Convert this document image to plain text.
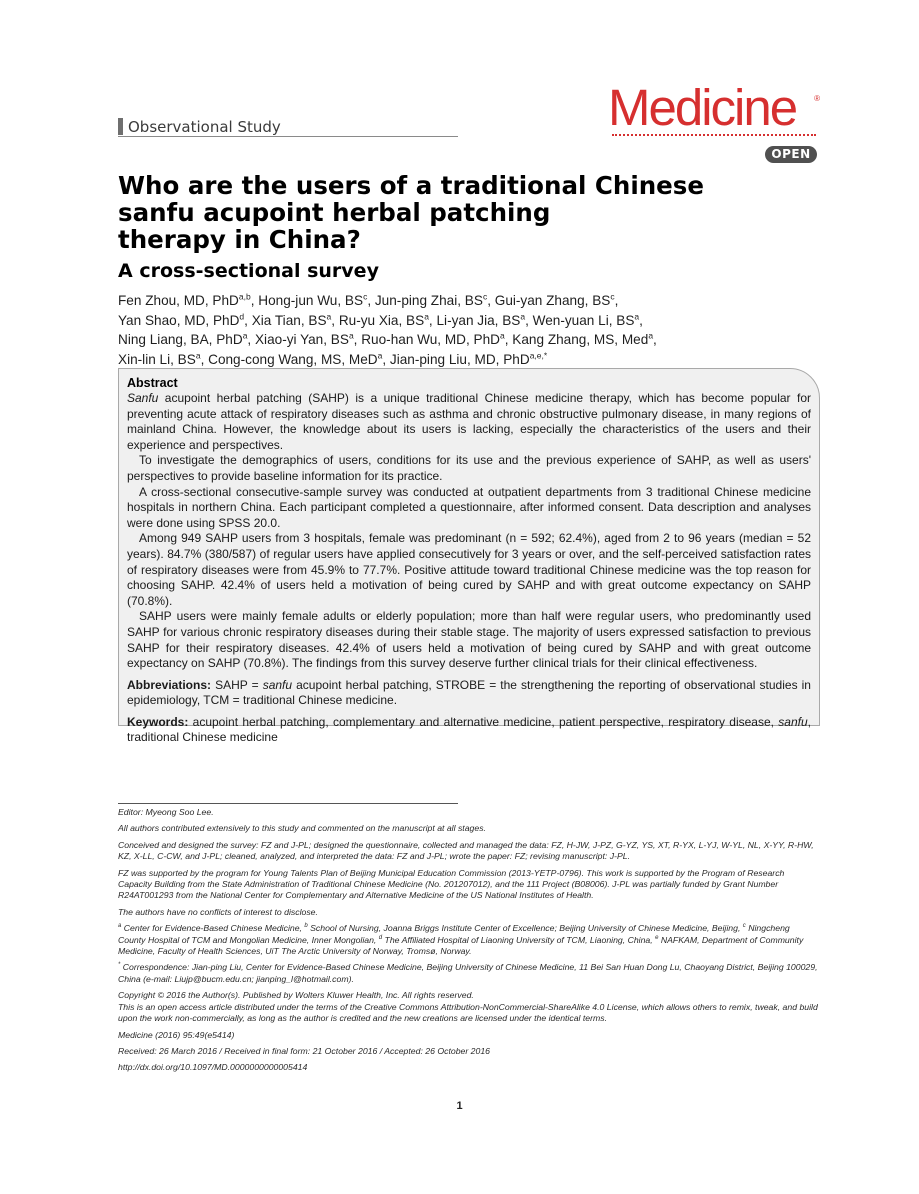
Observational Study	Medicine	®
OPEN
Who are the users of a traditional Chinese
sanfu acupoint herbal patching
therapy in China?
A cross-sectional survey
Fen Zhou, MD, PhD$^{a,b}$, Hong-jun Wu, $BS^c$, Jun-ping Zhai, $BS^c$, Gui-yan Zhang, $BS^c$,
Yan Shao, MD, PhD$^d$, Xia Tian, $BS^a$, Ru-yu Xia, $BS^a$, Li-yan Jia, $BS^a$, Wen-yuan Li, $BS^a$,
Ning Liang, BA, PhD$^a$, Xiao-yi Yan, $BS^a$, Ruo-han Wu, MD, PhD$^a$, Kang Zhang, MS, Med$^a$,
Xin-lin Li, $BS^a$, Cong-cong Wang, MS, MeD$^a$, Jian-ping Liu, MD, PhD$^{a,e,*}$
Abstract

Sanfu acupoint herbal patching (SAHP) is a unique traditional Chinese medicine therapy, which has become popular for preventing acute attack of respiratory diseases such as asthma and chronic obstructive pulmonary disease, in many regions of mainland China. However, the knowledge about its users is lacking, especially the characteristics of the users and their experience and perspectives.

To investigate the demographics of users, conditions for its use and the previous experience of SAHP, as well as users' perspectives to provide baseline information for its practice.

A cross-sectional consecutive-sample survey was conducted at outpatient departments from 3 traditional Chinese medicine hospitals in northern China. Each participant completed a questionnaire, after informed consent. Data description and analyses were done using SPSS 20.0.

Among 949 SAHP users from 3 hospitals, female was predominant (n = 592; 62.4%), aged from 2 to 96 years (median = 52 years). 84.7% (380/587) of regular users have applied consecutively for 3 years or over, and the self-perceived satisfaction rates of respiratory diseases were from 45.9% to 77.7%. Positive attitude toward traditional Chinese medicine was the top reason for choosing SAHP. 42.4% of users held a motivation of being cured by SAHP and with great outcome expectancy on SAHP (70.8%).

SAHP users were mainly female adults or elderly population; more than half were regular users, who predominantly used SAHP for various chronic respiratory diseases during their stable stage. The majority of users expressed satisfaction to previous SAHP for their respiratory diseases. 42.4% of users held a motivation of being cured by SAHP and with great outcome expectancy on SAHP (70.8%). The findings from this survey deserve further clinical trials for their clinical effectiveness.

Abbreviations: SAHP = sanfu acupoint herbal patching, STROBE = the strengthening the reporting of observational studies in epidemiology, TCM = traditional Chinese medicine.

Keywords: acupoint herbal patching, complementary and alternative medicine, patient perspective, respiratory disease, sanfu, traditional Chinese medicine

Editor: Myeong Soo Lee.

All authors contributed extensively to this study and commented on the manuscript at all stages.

Conceived and designed the survey: FZ and J-PL; designed the questionnaire, collected and managed the data: FZ, H-JW, J-PZ, G-YZ, YS, XT, R-YX, L-YJ, W-YL, NL, X-YY, R-HW, KZ, X-LL, C-CW, and J-PL; cleaned, analyzed, and interpreted the data: FZ and J-PL; wrote the paper: FZ; revising manuscript: J-PL.

FZ was supported by the program for Young Talents Plan of Beijing Municipal Education Commission (2013-YETP-0796). This work is supported by the Program of Research Capacity Building from the State Administration of Traditional Chinese Medicine (No. 201207012), and the 111 Project (B08006). J-PL was partially funded by Grant Number R24AT001293 from the National Center for Complementary and Alternative Medicine of the US National Institutes of Health.

The authors have no conflicts of interest to disclose.

$^a$ Center for Evidence-Based Chinese Medicine, $^b$ School of Nursing, Joanna Briggs Institute Center of Excellence; Beijing University of Chinese Medicine, Beijing, $^c$ Ningcheng County Hospital of TCM and Mongolian Medicine, Inner Mongolian, $^d$ The Affiliated Hospital of Liaoning University of TCM, Liaoning, China, $^e$ NAFKAM, Department of Community Medicine, Faculty of Health Sciences, UiT The Arctic University of Norway, Tromsø, Norway.

* Correspondence: Jian-ping Liu, Center for Evidence-Based Chinese Medicine, Beijing University of Chinese Medicine, 11 Bei San Huan Dong Lu, Chaoyang District, Beijing 100029, China (e-mail: Liujp@bucm.edu.cn; jianping_l@hotmail.com).

Copyright © 2016 the Author(s). Published by Wolters Kluwer Health, Inc. All rights reserved.

This is an open access article distributed under the terms of the Creative Commons Attribution-NonCommercial-ShareAlike 4.0 License, which allows others to remix, tweak, and build upon the work non-commercially, as long as the author is credited and the new creations are licensed under the identical terms.

Medicine (2016) 95:49(e5414)

Received: 26 March 2016 / Received in final form: 21 October 2016 / Accepted: 26 October 2016

http://dx.doi.org/10.1097/MD.0000000000005414

1
